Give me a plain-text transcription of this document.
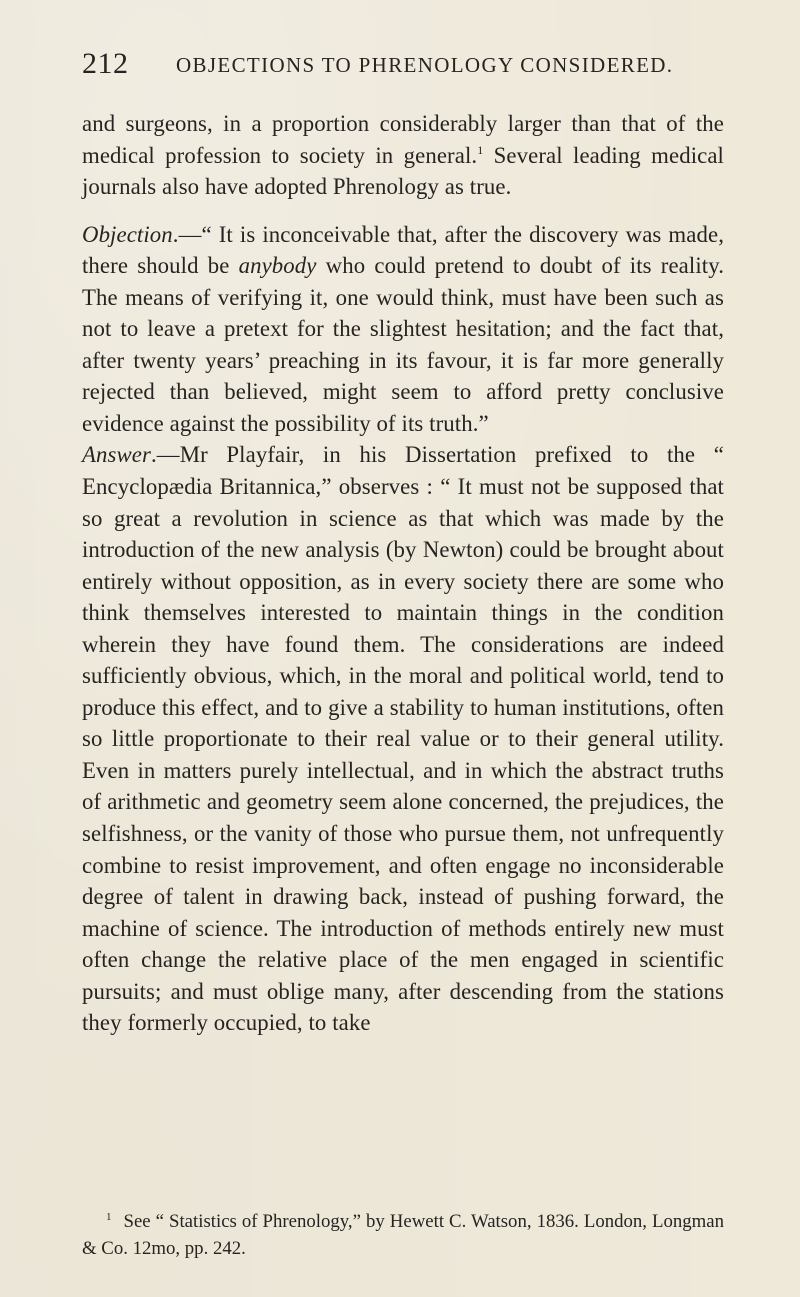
212 OBJECTIONS TO PHRENOLOGY CONSIDERED.

and surgeons, in a proportion considerably larger than that of the medical profession to society in general.$^1$ Several leading medical journals also have adopted Phrenology as true.

Objection.—“ It is inconceivable that, after the discovery was made, there should be anybody who could pretend to doubt of its reality. The means of verifying it, one would think, must have been such as not to leave a pretext for the slightest hesitation; and the fact that, after twenty years’ preaching in its favour, it is far more generally rejected than believed, might seem to afford pretty conclusive evidence against the possibility of its truth.”

Answer.—Mr Playfair, in his Dissertation prefixed to the “ Encyclopædia Britannica,” observes : “ It must not be supposed that so great a revolution in science as that which was made by the introduction of the new analysis (by Newton) could be brought about entirely without opposition, as in every society there are some who think themselves interested to maintain things in the condition wherein they have found them. The considerations are indeed sufficiently obvious, which, in the moral and political world, tend to produce this effect, and to give a stability to human institutions, often so little proportionate to their real value or to their general utility. Even in matters purely intellectual, and in which the abstract truths of arithmetic and geometry seem alone concerned, the prejudices, the selfishness, or the vanity of those who pursue them, not unfrequently combine to resist improvement, and often engage no inconsiderable degree of talent in drawing back, instead of pushing forward, the machine of science. The introduction of methods entirely new must often change the relative place of the men engaged in scientific pursuits; and must oblige many, after descending from the stations they formerly occupied, to take

$^1$ See “ Statistics of Phrenology,” by Hewett C. Watson, 1836. London, Longman & Co. 12mo, pp. 242.
